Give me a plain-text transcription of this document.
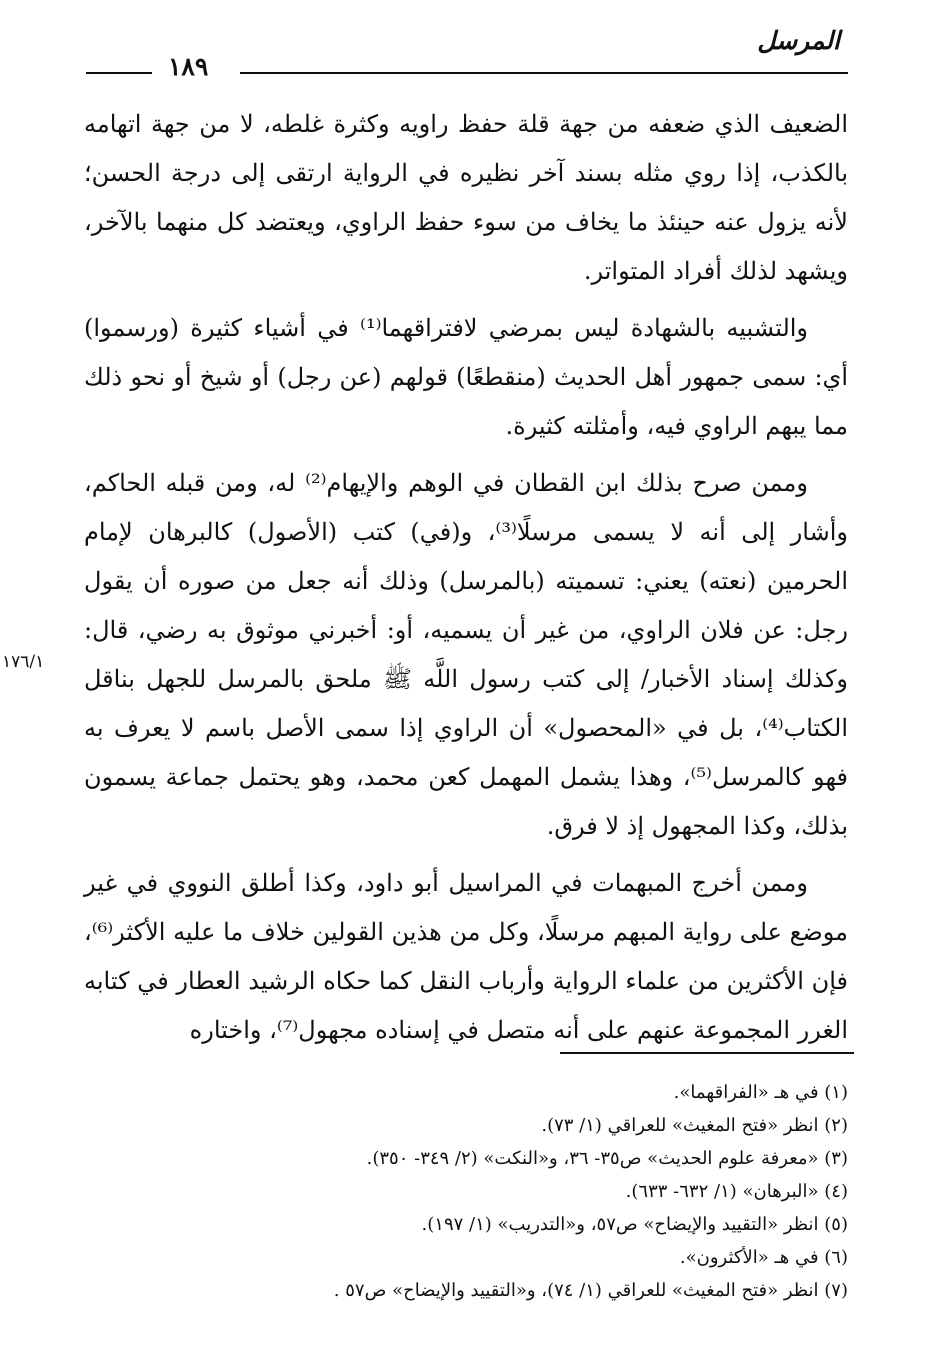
المرسل
١٨٩

الضعيف الذي ضعفه من جهة قلة حفظ راويه وكثرة غلطه، لا من جهة اتهامه بالكذب، إذا روي مثله بسند آخر نظيره في الرواية ارتقى إلى درجة الحسن؛ لأنه يزول عنه حينئذ ما يخاف من سوء حفظ الراوي، ويعتضد كل منهما بالآخر، ويشهد لذلك أفراد المتواتر.

والتشبيه بالشهادة ليس بمرضي لافتراقهما⁽¹⁾ في أشياء كثيرة (ورسموا) أي: سمى جمهور أهل الحديث (منقطعًا) قولهم (عن رجل) أو شيخ أو نحو ذلك مما يبهم الراوي فيه، وأمثلته كثيرة.

وممن صرح بذلك ابن القطان في الوهم والإيهام⁽²⁾ له، ومن قبله الحاكم، وأشار إلى أنه لا يسمى مرسلًا⁽³⁾، و(في) كتب (الأصول) كالبرهان لإمام الحرمين (نعته) يعني: تسميته (بالمرسل) وذلك أنه جعل من صوره أن يقول رجل: عن فلان الراوي، من غير أن يسميه، أو: أخبرني موثوق به رضي، قال: وكذلك إسناد الأخبار/ إلى كتب رسول اللَّه ﷺ ملحق بالمرسل للجهل بناقل الكتاب⁽⁴⁾، بل في «المحصول» أن الراوي إذا سمى الأصل باسم لا يعرف به فهو كالمرسل⁽⁵⁾، وهذا يشمل المهمل كعن محمد، وهو يحتمل جماعة يسمون بذلك، وكذا المجهول إذ لا فرق.

وممن أخرج المبهمات في المراسيل أبو داود، وكذا أطلق النووي في غير موضع على رواية المبهم مرسلًا، وكل من هذين القولين خلاف ما عليه الأكثر⁽⁶⁾، فإن الأكثرين من علماء الرواية وأرباب النقل كما حكاه الرشيد العطار في كتابه الغرر المجموعة عنهم على أنه متصل في إسناده مجهول⁽⁷⁾، واختاره

١٧٦/١
(١) في هـ «الفراقهما».
(٢) انظر «فتح المغيث» للعراقي (١/ ٧٣).
(٣) «معرفة علوم الحديث» ص٣٥- ٣٦، و«النكت» (٢/ ٣٤٩- ٣٥٠).
(٤) «البرهان» (١/ ٦٣٢- ٦٣٣).
(٥) انظر «التقييد والإيضاح» ص٥٧، و«التدريب» (١/ ١٩٧).
(٦) في هـ «الأكثرون».
(٧) انظر «فتح المغيث» للعراقي (١/ ٧٤)، و«التقييد والإيضاح» ص٥٧ .
